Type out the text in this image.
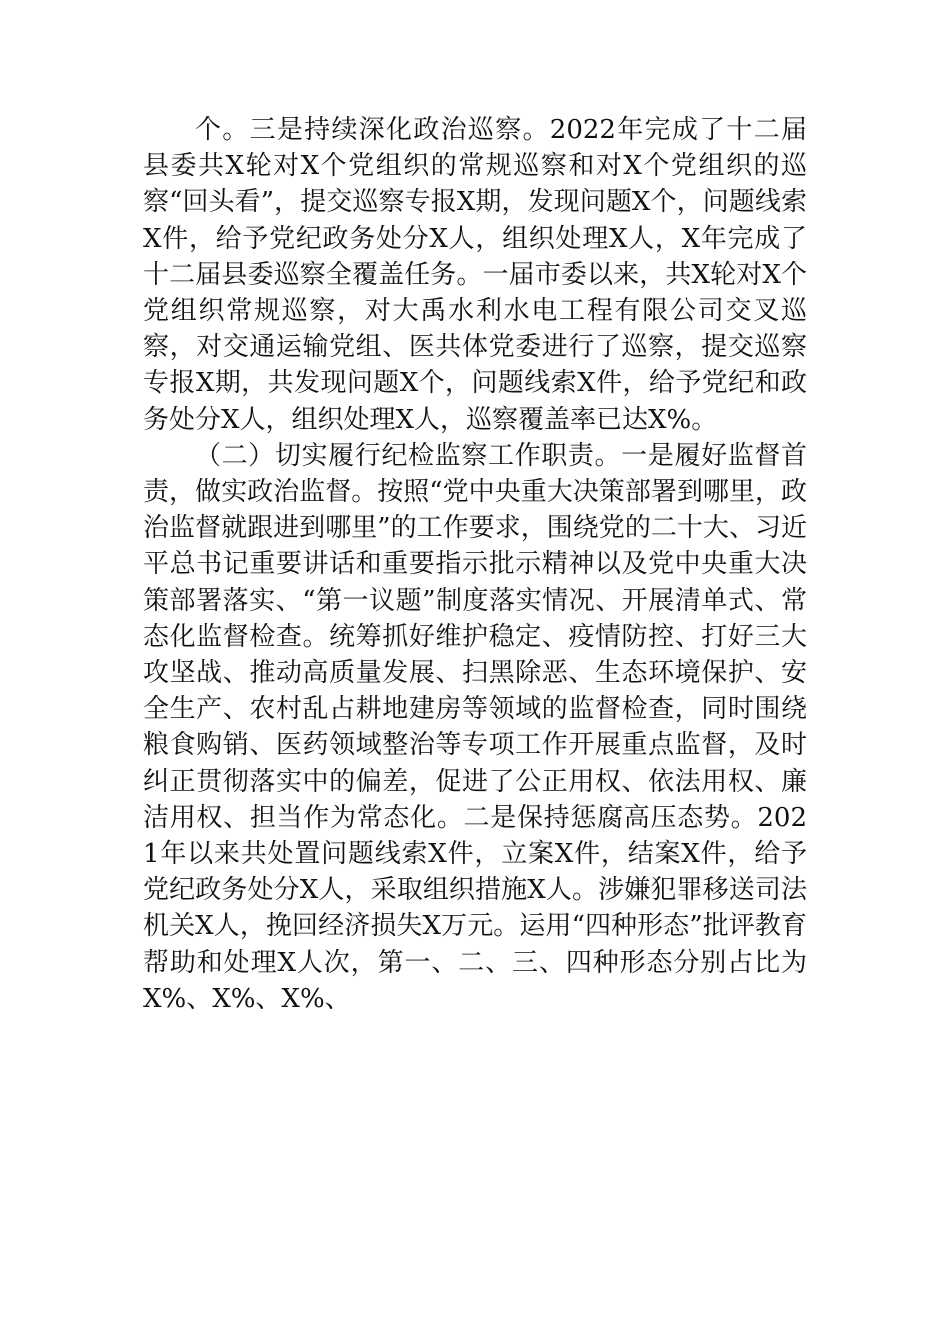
个。三是持续深化政治巡察。2022年完成了十二届县委共X轮对X个党组织的常规巡察和对X个党组织的巡察“回头看”，提交巡察专报X期，发现问题X个，问题线索X件，给予党纪政务处分X人，组织处理X人，X年完成了十二届县委巡察全覆盖任务。一届市委以来，共X轮对X个党组织常规巡察，对大禹水利水电工程有限公司交叉巡察，对交通运输党组、医共体党委进行了巡察，提交巡察专报X期，共发现问题X个，问题线索X件，给予党纪和政务处分X人，组织处理X人，巡察覆盖率已达X%。

（二）切实履行纪检监察工作职责。一是履好监督首责，做实政治监督。按照“党中央重大决策部署到哪里，政治监督就跟进到哪里”的工作要求，围绕党的二十大、习近平总书记重要讲话和重要指示批示精神以及党中央重大决策部署落实、“第一议题”制度落实情况、开展清单式、常态化监督检查。统筹抓好维护稳定、疫情防控、打好三大攻坚战、推动高质量发展、扫黑除恶、生态环境保护、安全生产、农村乱占耕地建房等领域的监督检查，同时围绕粮食购销、医药领域整治等专项工作开展重点监督，及时纠正贯彻落实中的偏差，促进了公正用权、依法用权、廉洁用权、担当作为常态化。二是保持惩腐高压态势。2021年以来共处置问题线索X件，立案X件，结案X件，给予党纪政务处分X人，采取组织措施X人。涉嫌犯罪移送司法机关X人，挽回经济损失X万元。运用“四种形态”批评教育帮助和处理X人次，第一、二、三、四种形态分别占比为X%、X%、X%、
